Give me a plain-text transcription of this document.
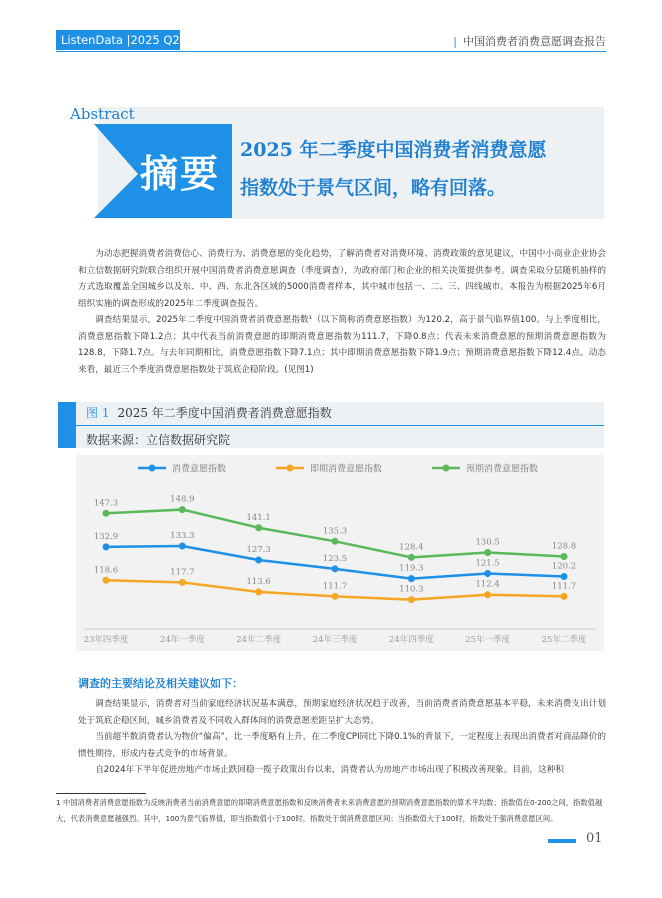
ListenData |2025 Q2	| 中国消费者消费意愿调查报告
Abstract
摘要
2025 年二季度中国消费者消费意愿
指数处于景气区间，略有回落。

为动态把握消费者消费信心、消费行为、消费意愿的变化趋势，了解消费者对消费环境、消费政策的意见建议，中国中小商业企业协会和立信数据研究院联合组织开展中国消费者消费意愿调查（季度调查），为政府部门和企业的相关决策提供参考。调查采取分层随机抽样的方式选取覆盖全国城乡以及东、中、西、东北各区域的5000消费者样本，其中城市包括一、二、三、四线城市。本报告为根据2025年6月组织实施的调查形成的2025年二季度调查报告。

调查结果显示，2025年二季度中国消费者消费意愿指数¹（以下简称消费意愿指数）为120.2，高于景气临界值100。与上季度相比，消费意愿指数下降1.2点；其中代表当前消费意愿的即期消费意愿指数为111.7，下降0.8点；代表未来消费意愿的预期消费意愿指数为128.8，下降1.7点。与去年同期相比，消费意愿指数下降7.1点；其中即期消费意愿指数下降1.9点；预期消费意愿指数下降12.4点。动态来看，最近三个季度消费意愿指数处于筑底企稳阶段。(见图1)

图 1 2025 年二季度中国消费者消费意愿指数
数据来源：立信数据研究院
消费意愿指数	即期消费意愿指数	预期消费意愿指数
23年四季度	24年一季度	24年二季度	24年三季度	24年四季度	25年一季度	25年二季度
132.9	133.3
127.3
123.5
119.3
121.5	120.2
118.6	117.7
113.6	111.7	110.3	112.4	111.7
147.3	148.9
141.1
135.3
128.4	130.5	128.8
调查的主要结论及相关建议如下：

调查结果显示，消费者对当前家庭经济状况基本满意，预期家庭经济状况趋于改善，当前消费者消费意愿基本平稳，未来消费支出计划处于筑底企稳区间，城乡消费者及不同收入群体间的消费意愿差距呈扩大态势。

当前超半数消费者认为物价“偏高”，比一季度略有上升，在二季度CPI同比下降0.1%的背景下，一定程度上表现出消费者对商品降价的惯性期待，形成内卷式竞争的市场背景。

自2024年下半年促进房地产市场止跌回稳一揽子政策出台以来，消费者认为房地产市场出现了积极改善现象。目前，这种积

1 中国消费者消费意愿指数为反映消费者当前消费意愿的即期消费意愿指数和反映消费者未来消费意愿的预期消费意愿指数的算术平均数；指数值在0-200之间，指数值越大，代表消费意愿越强烈。其中，100为景气临界值，即当指数值小于100时，指数处于弱消费意愿区间；当指数值大于100时，指数处于强消费意愿区间。
01
